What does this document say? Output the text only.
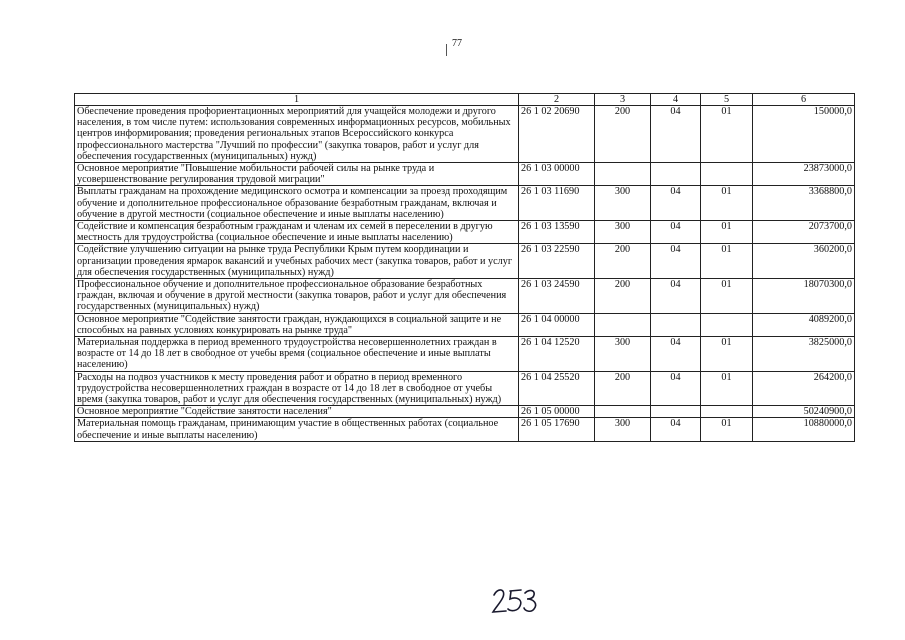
77
1	2	3	4	5	6
Обеспечение проведения профориентационных мероприятий для учащейся молодежи и другого населения, в том числе путем: использования современных информационных ресурсов, мобильных центров информирования; проведения региональных этапов Всероссийского конкурса профессионального мастерства "Лучший по профессии" (закупка товаров, работ и услуг для обеспечения государственных (муниципальных) нужд)	26 1 02 20690	200	04	01	150000,0
Основное мероприятие "Повышение мобильности рабочей силы на рынке труда и усовершенствование регулирования трудовой миграции"	26 1 03 00000				23873000,0
Выплаты гражданам на прохождение медицинского осмотра и компенсации за проезд проходящим обучение и дополнительное профессиональное образование безработным гражданам, включая и обучение в другой местности (социальное обеспечение и иные выплаты населению)	26 1 03 11690	300	04	01	3368800,0
Содействие и компенсация безработным гражданам и членам их семей в переселении в другую местность для трудоустройства (социальное обеспечение и иные выплаты населению)	26 1 03 13590	300	04	01	2073700,0
Содействие улучшению ситуации на рынке труда Республики Крым путем координации и организации проведения ярмарок вакансий и учебных рабочих мест (закупка товаров, работ и услуг для обеспечения государственных (муниципальных) нужд)	26 1 03 22590	200	04	01	360200,0
Профессиональное обучение и дополнительное профессиональное образование безработных граждан, включая и обучение в другой местности (закупка товаров, работ и услуг для обеспечения государственных (муниципальных) нужд)	26 1 03 24590	200	04	01	18070300,0
Основное мероприятие "Содействие занятости граждан, нуждающихся в социальной защите и не способных на равных условиях конкурировать на рынке труда"	26 1 04 00000				4089200,0
Материальная поддержка в период временного трудоустройства несовершеннолетних граждан в возрасте от 14 до 18 лет в свободное от учебы время (социальное обеспечение и иные выплаты населению)	26 1 04 12520	300	04	01	3825000,0
Расходы на подвоз участников к месту проведения работ и обратно в период временного трудоустройства несовершеннолетних граждан в возрасте от 14 до 18 лет в свободное от учебы время (закупка товаров, работ и услуг для обеспечения государственных (муниципальных) нужд)	26 1 04 25520	200	04	01	264200,0
Основное мероприятие "Содействие занятости населения"	26 1 05 00000				50240900,0
Материальная помощь гражданам, принимающим участие в общественных работах (социальное обеспечение и иные выплаты населению)	26 1 05 17690	300	04	01	10880000,0
